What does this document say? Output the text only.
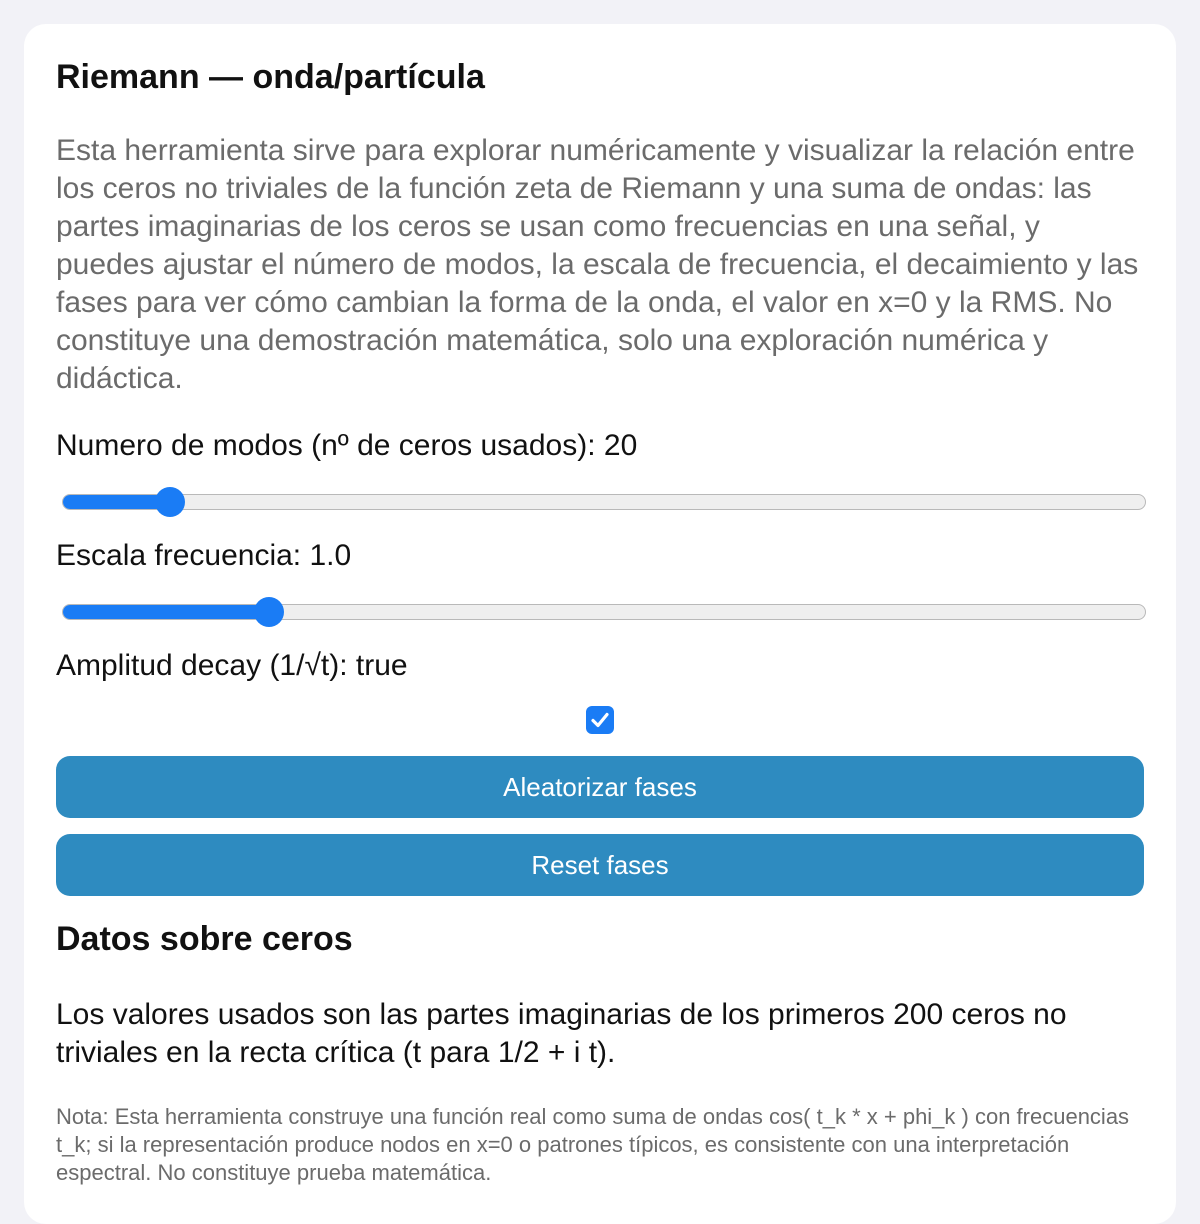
Riemann — onda/partícula

Esta herramienta sirve para explorar numéricamente y visualizar la relación entre los ceros no triviales de la función zeta de Riemann y una suma de ondas: las partes imaginarias de los ceros se usan como frecuencias en una señal, y puedes ajustar el número de modos, la escala de frecuencia, el decaimiento y las fases para ver cómo cambian la forma de la onda, el valor en x=0 y la RMS. No constituye una demostración matemática, solo una exploración numérica y didáctica.

Numero de modos (nº de ceros usados): 20
Escala frecuencia: 1.0
Amplitud decay (1/√t): true
Aleatorizar fases
Reset fases
Datos sobre ceros

Los valores usados son las partes imaginarias de los primeros 200 ceros no triviales en la recta crítica (t para 1/2 + i t).

Nota: Esta herramienta construye una función real como suma de ondas cos( t_k * x + phi_k ) con frecuencias t_k; si la representación produce nodos en x=0 o patrones típicos, es consistente con una interpretación espectral. No constituye prueba matemática.
